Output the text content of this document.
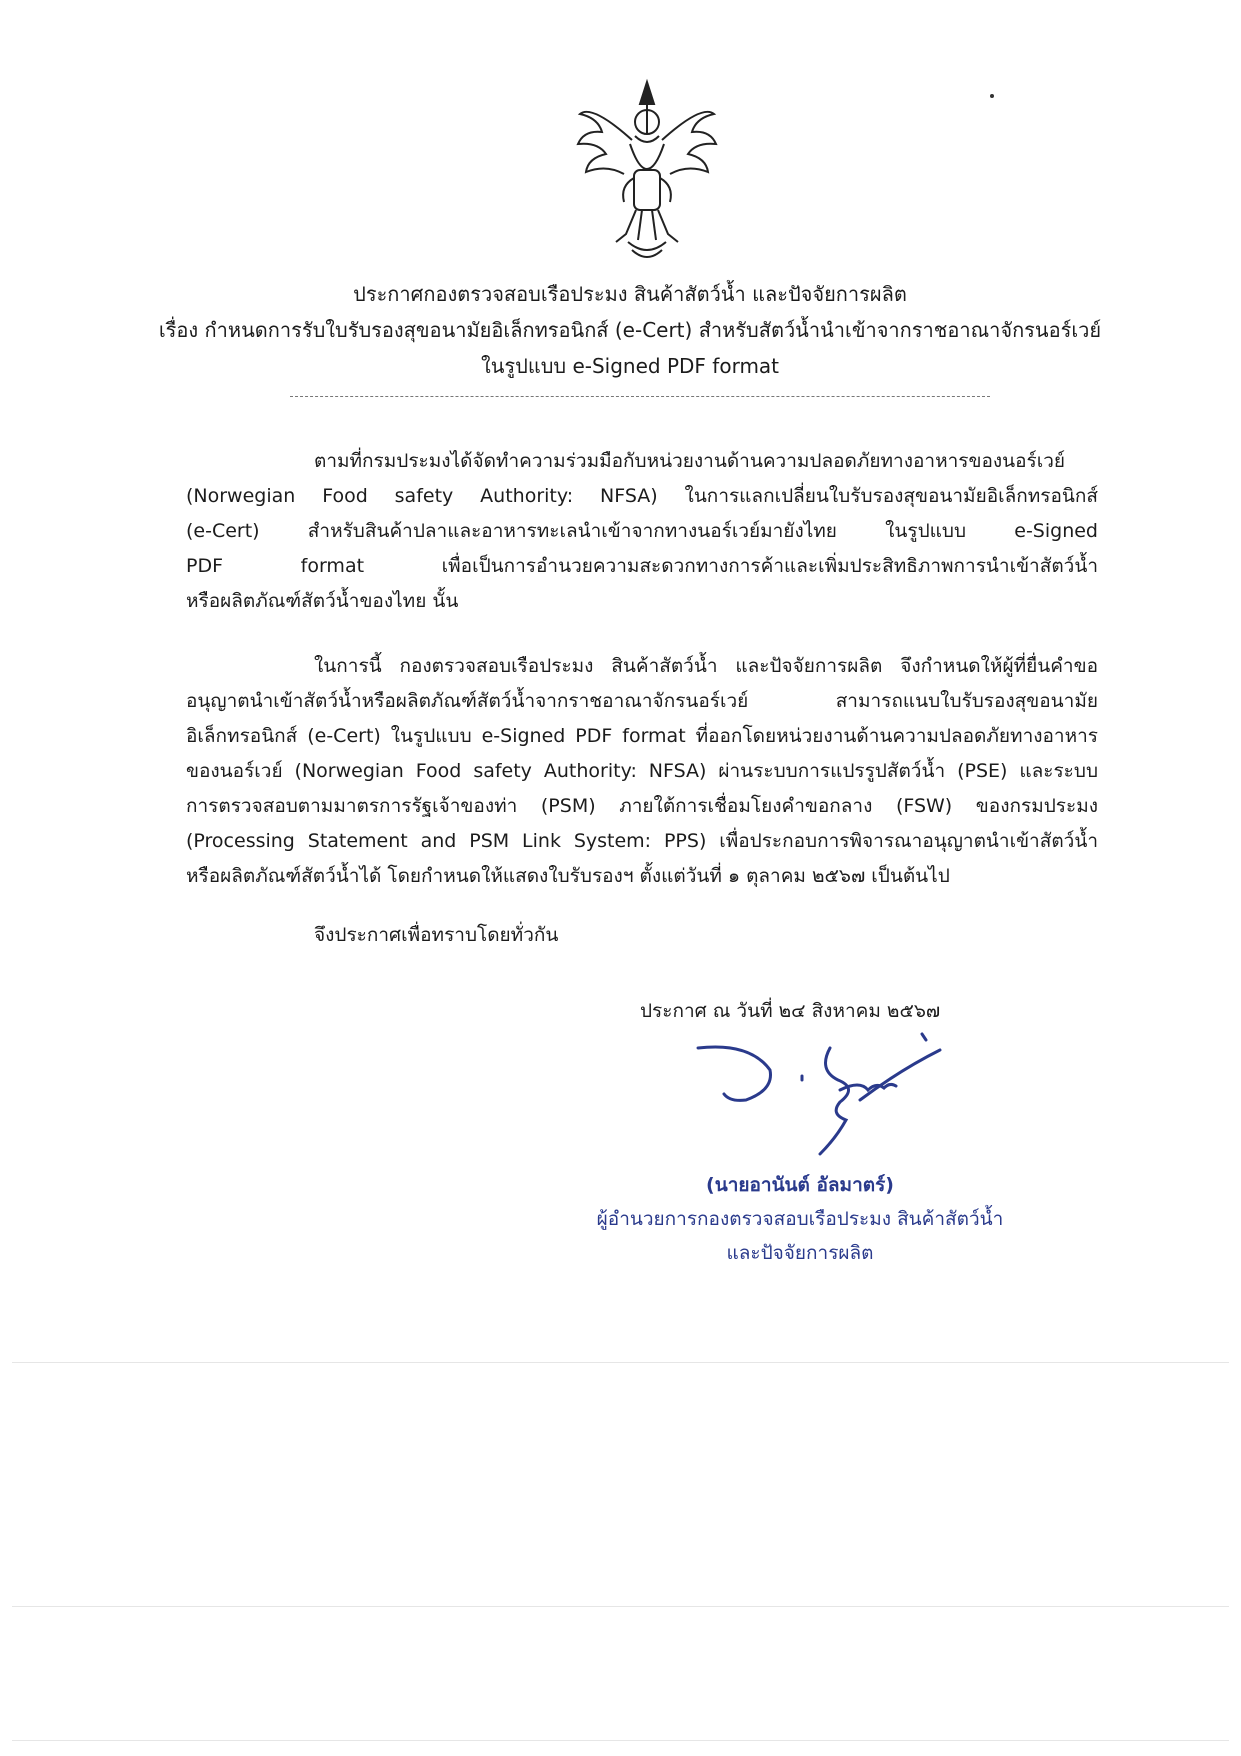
ประกาศกองตรวจสอบเรือประมง สินค้าสัตว์น้ำ และปัจจัยการผลิต
เรื่อง กำหนดการรับใบรับรองสุขอนามัยอิเล็กทรอนิกส์ (e-Cert) สำหรับสัตว์น้ำนำเข้าจากราชอาณาจักรนอร์เวย์
ในรูปแบบ e-Signed PDF format

ตามที่กรมประมงได้จัดทำความร่วมมือกับหน่วยงานด้านความปลอดภัยทางอาหารของนอร์เวย์
(Norwegian Food safety Authority: NFSA) ในการแลกเปลี่ยนใบรับรองสุขอนามัยอิเล็กทรอนิกส์
(e-Cert) สำหรับสินค้าปลาและอาหารทะเลนำเข้าจากทางนอร์เวย์มายังไทย ในรูปแบบ e-Signed
PDF format เพื่อเป็นการอำนวยความสะดวกทางการค้าและเพิ่มประสิทธิภาพการนำเข้าสัตว์น้ำ
หรือผลิตภัณฑ์สัตว์น้ำของไทย นั้น

ในการนี้ กองตรวจสอบเรือประมง สินค้าสัตว์น้ำ และปัจจัยการผลิต จึงกำหนดให้ผู้ที่ยื่นคำขอ
อนุญาตนำเข้าสัตว์น้ำหรือผลิตภัณฑ์สัตว์น้ำจากราชอาณาจักรนอร์เวย์ สามารถแนบใบรับรองสุขอนามัย
อิเล็กทรอนิกส์ (e-Cert) ในรูปแบบ e-Signed PDF format ที่ออกโดยหน่วยงานด้านความปลอดภัยทางอาหาร
ของนอร์เวย์ (Norwegian Food safety Authority: NFSA) ผ่านระบบการแปรรูปสัตว์น้ำ (PSE) และระบบ
การตรวจสอบตามมาตรการรัฐเจ้าของท่า (PSM) ภายใต้การเชื่อมโยงคำขอกลาง (FSW) ของกรมประมง
(Processing Statement and PSM Link System: PPS) เพื่อประกอบการพิจารณาอนุญาตนำเข้าสัตว์น้ำ
หรือผลิตภัณฑ์สัตว์น้ำได้ โดยกำหนดให้แสดงใบรับรองฯ ตั้งแต่วันที่ ๑ ตุลาคม ๒๕๖๗ เป็นต้นไป

จึงประกาศเพื่อทราบโดยทั่วกัน
ประกาศ ณ วันที่ ๒๔ สิงหาคม ๒๕๖๗
(นายอานันต์ อัลมาตร์)
ผู้อำนวยการกองตรวจสอบเรือประมง สินค้าสัตว์น้ำ
และปัจจัยการผลิต
